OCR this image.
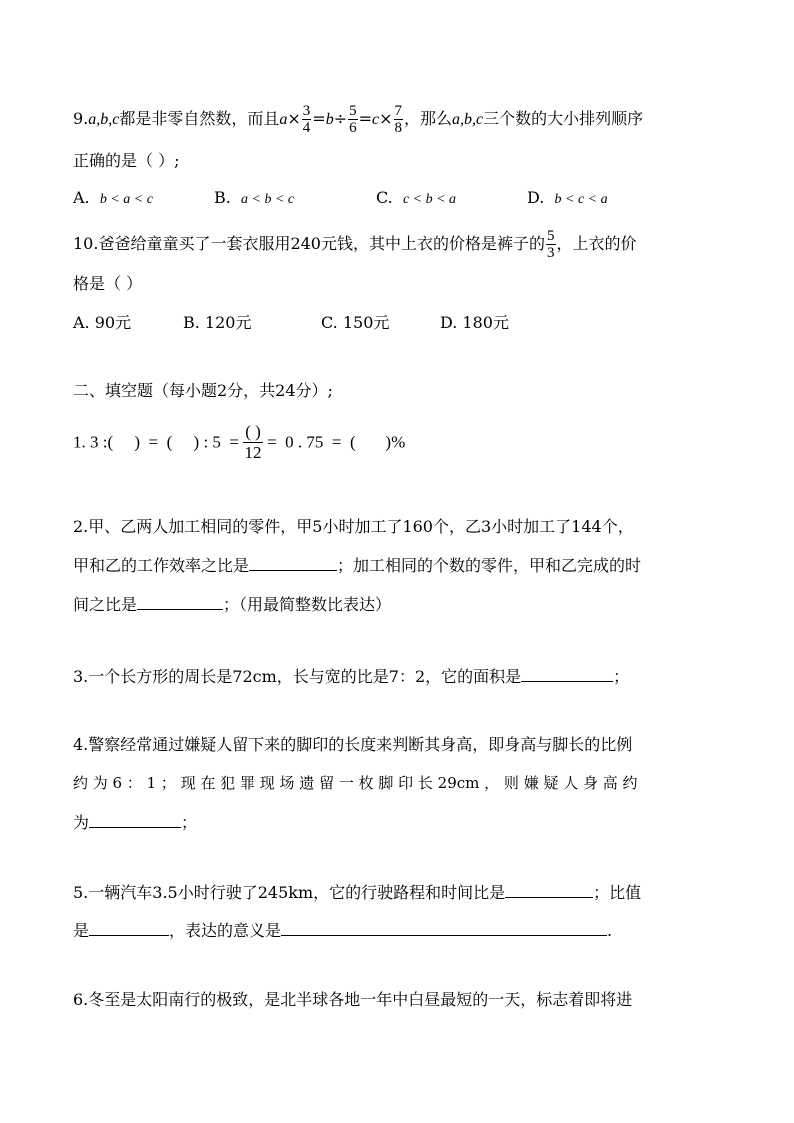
9.a,b,c都是非零自然数，而且$a\times \frac{3}{4} =b\div \frac{5}{6} =c\times \frac{7}{8}$ ，那么a,b,c三个数的大小排列顺序
正确的是（ ）;
A. b < a < c	B. a < b < c	C. c < b < a	D. b < c < a
10.爸爸给童童买了一套衣服用240元钱，其中上衣的价格是裤子的 $\frac{5}{3}$ ，上衣的价
格是（ ）
A. 90元	B. 120元	C. 150元	D. 180元
二、填空题（每小题2分，共24分）;
1. 3 :(     )  =  (     ) : 5  =
( )
12
=  0 . 75  =  (       )%
2.甲、乙两人加工相同的零件，甲5小时加工了160个，乙3小时加工了144个，
甲和乙的工作效率之比是	；加工相同的个数的零件，甲和乙完成的时
间之比是	；（用最简整数比表达）
3.一个长方形的周长是72cm，长与宽的比是7：2，它的面积是	；
4.警察经常通过嫌疑人留下来的脚印的长度来判断其身高，即身高与脚长的比例
约 为 6 ： 1 ； 现 在 犯 罪 现 场 遗 留 一 枚 脚 印 长 29cm ， 则 嫌 疑 人 身 高 约
为	；
5.一辆汽车3.5小时行驶了245km，它的行驶路程和时间比是	；比值
是	，表达的意义是	.
6.冬至是太阳南行的极致，是北半球各地一年中白昼最短的一天，标志着即将进
